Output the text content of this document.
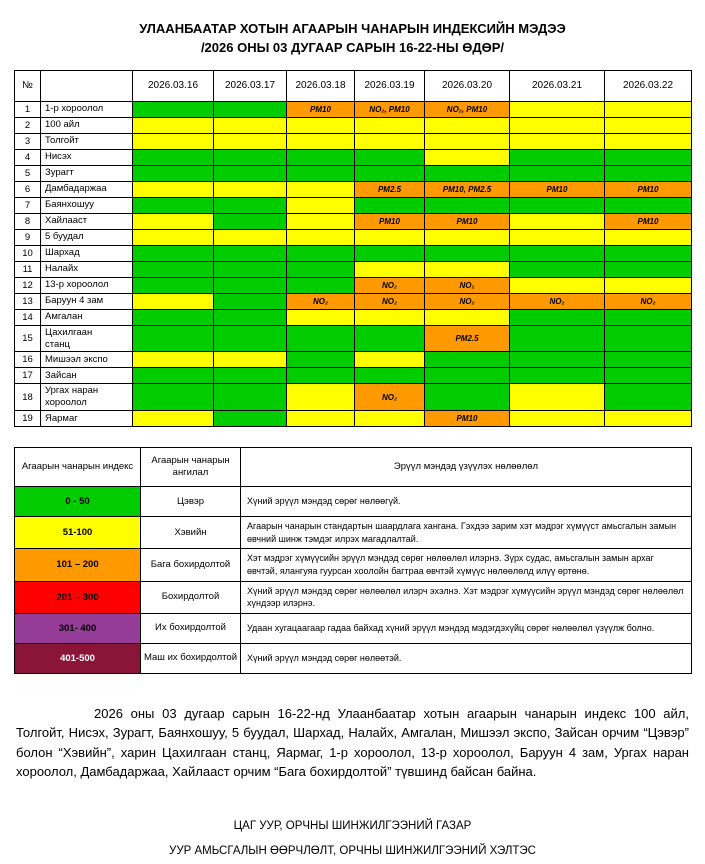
УЛААНБААТАР ХОТЫН АГААРЫН ЧАНАРЫН ИНДЕКСИЙН МЭДЭЭ
/2026 ОНЫ 03 ДУГААР САРЫН 16-22-НЫ ӨДӨР/
№		2026.03.16	2026.03.17	2026.03.18	2026.03.19	2026.03.20	2026.03.21	2026.03.22
1	1-р хороолол			PM10	NO₂, PM10	NO₂, PM10		
2	100 айл							
3	Толгойт							
4	Нисэх							
5	Зурагт							
6	Дамбадаржаа				PM2.5	PM10, PM2.5	PM10	PM10
7	Баянхошуу							
8	Хайлааст				PM10	PM10		PM10
9	5 буудал							
10	Шархад							
11	Налайх							
12	13-р хороолол				NO₂	NO₂		
13	Баруун 4 зам			NO₂	NO₂	NO₂	NO₂	NO₂
14	Амгалан							
15	Цахилгаан станц					PM2.5		
16	Мишээл экспо							
17	Зайсан							
18	Ургах наран хороолол				NO₂			
19	Яармаг					PM10		
Агаарын чанарын индекс	Агаарын чанарын ангилал	Эрүүл мэндэд үзүүлэх нөлөөлөл
0 - 50	Цэвэр	Хүний эрүүл мэндэд сөрөг нөлөөгүй.
51-100	Хэвийн	Агаарын чанарын стандартын шаардлага хангана. Гэхдээ зарим хэт мэдрэг хүмүүст амьсгалын замын өвчний шинж тэмдэг илрэх магадлалтай.
101 – 200	Бага бохирдолтой	Хэт мэдрэг хүмүүсийн эрүүл мэндэд сөрөг нөлөөлөл илэрнэ. Зүрх судас, амьсгалын замын архаг өвчтэй, ялангуяа гуурсан хоолойн багтраа өвчтэй хүмүүс нөлөөлөлд илүү өртөнө.
201 – 300	Бохирдолтой	Хүний эрүүл мэндэд сөрөг нөлөөлөл илэрч эхэлнэ. Хэт мэдрэг хүмүүсийн эрүүл мэндэд сөрөг нөлөөлөл хүндээр илэрнэ.
301- 400	Их бохирдолтой	Удаан хугацаагаар гадаа байхад хүний эрүүл мэндэд мэдэгдэхүйц сөрөг нөлөөлөл үзүүлж болно.
401-500	Маш их бохирдолтой	Хүний эрүүл мэндэд сөрөг нөлөөтэй.

2026 оны 03 дугаар сарын 16-22-нд Улаанбаатар хотын агаарын чанарын индекс 100 айл, Толгойт, Нисэх, Зурагт, Баянхошуу, 5 буудал, Шархад, Налайх, Амгалан, Мишээл экспо, Зайсан орчим “Цэвэр” болон “Хэвийн”, харин Цахилгаан станц, Яармаг, 1-р хороолол, 13-р хороолол, Баруун 4 зам, Ургах наран хороолол, Дамбадаржаа, Хайлааст орчим “Бага бохирдолтой” түвшинд байсан байна.

ЦАГ УУР, ОРЧНЫ ШИНЖИЛГЭЭНИЙ ГАЗАР
УУР АМЬСГАЛЫН ӨӨРЧЛӨЛТ, ОРЧНЫ ШИНЖИЛГЭЭНИЙ ХЭЛТЭС
